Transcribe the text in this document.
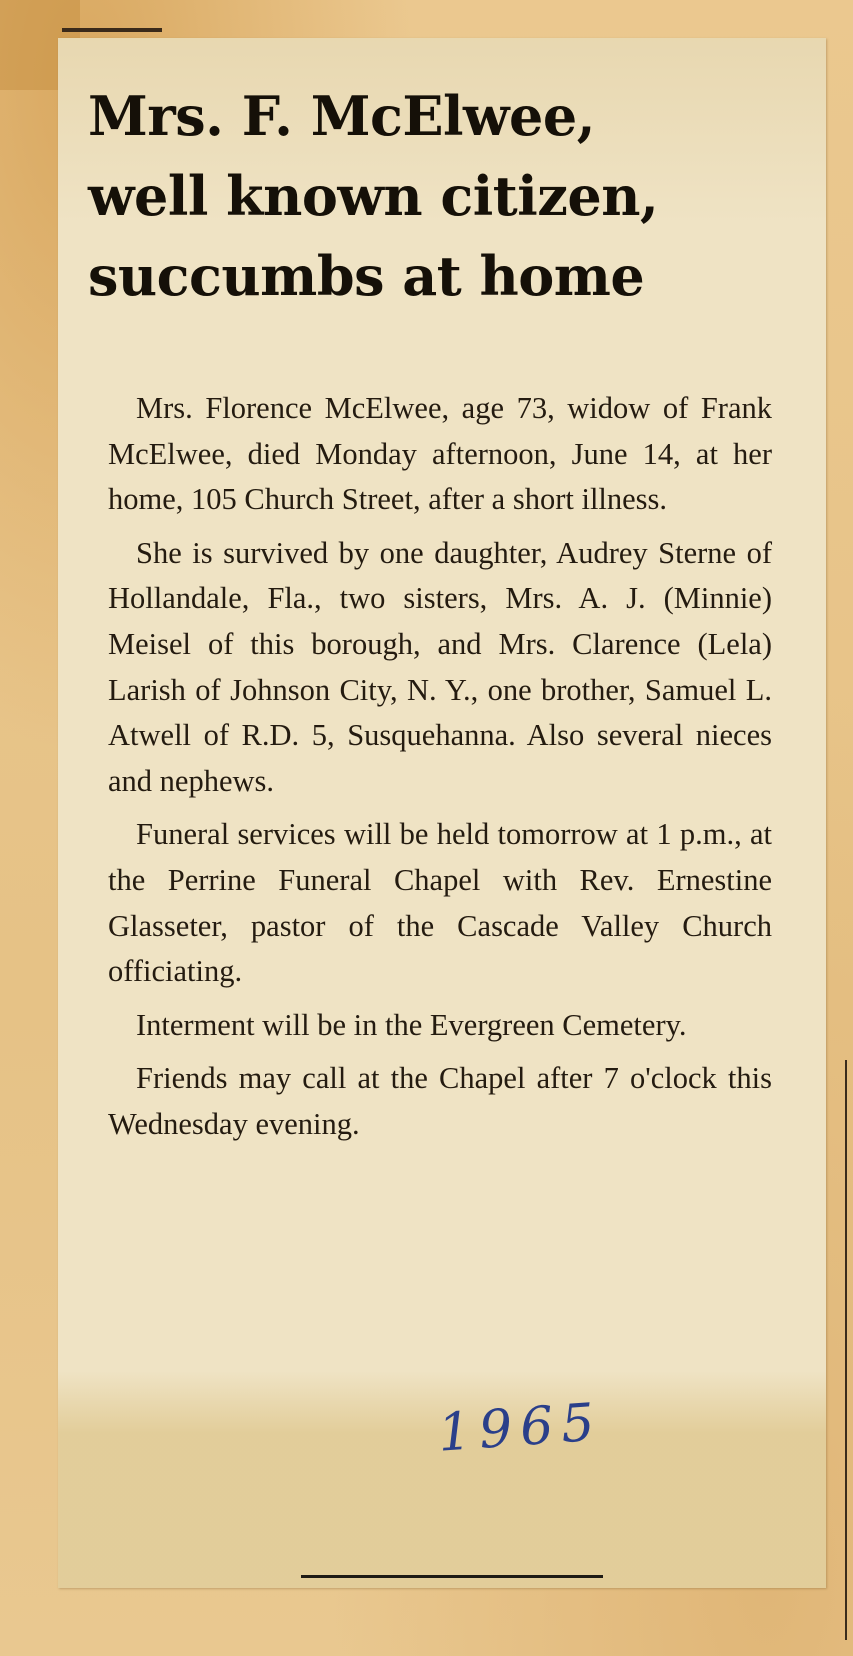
Mrs. F. McElwee,
well known citizen,
succumbs at home

Mrs. Florence McElwee, age 73, widow of Frank McElwee, died Monday afternoon, June 14, at her home, 105 Church Street, after a short illness.

She is survived by one daughter, Audrey Sterne of Hollandale, Fla., two sisters, Mrs. A. J. (Minnie) Meisel of this borough, and Mrs. Clarence (Lela) Larish of Johnson City, N. Y., one brother, Samuel L. Atwell of R.D. 5, Susquehanna. Also several nieces and nephews.

Funeral services will be held tomorrow at 1 p.m., at the Perrine Funeral Chapel with Rev. Ernestine Glasseter, pastor of the Cascade Valley Church officiating.

Interment will be in the Evergreen Cemetery.

Friends may call at the Chapel after 7 o'clock this Wednesday evening.

1965
